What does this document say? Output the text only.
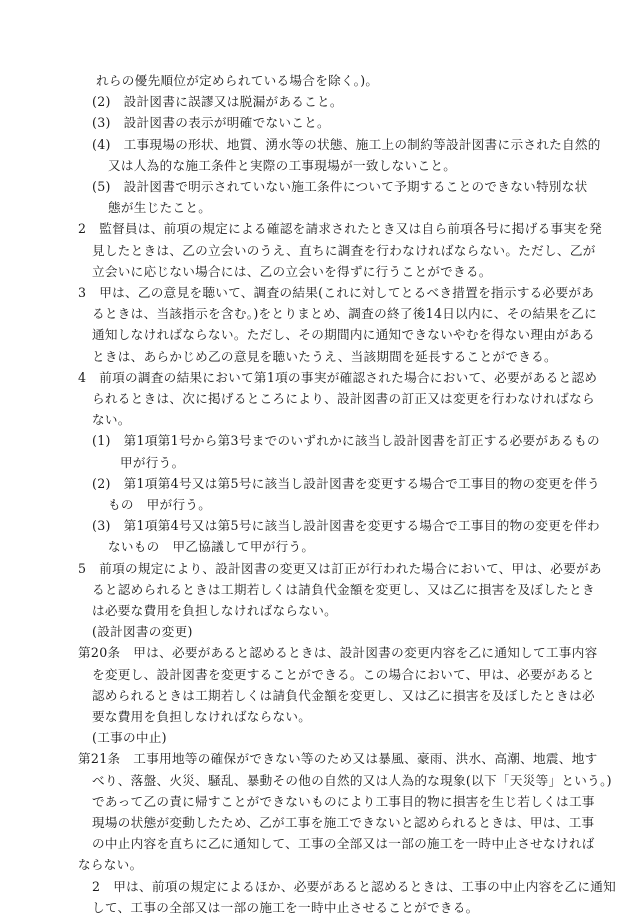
れらの優先順位が定められている場合を除く。)。
(2)　設計図書に誤謬又は脱漏があること。
(3)　設計図書の表示が明確でないこと。
(4)　工事現場の形状、地質、湧水等の状態、施工上の制約等設計図書に示された自然的
又は人為的な施工条件と実際の工事現場が一致しないこと。
(5)　設計図書で明示されていない施工条件について予期することのできない特別な状
態が生じたこと。
2　監督員は、前項の規定による確認を請求されたとき又は自ら前項各号に掲げる事実を発
見したときは、乙の立会いのうえ、直ちに調査を行わなければならない。ただし、乙が
立会いに応じない場合には、乙の立会いを得ずに行うことができる。
3　甲は、乙の意見を聴いて、調査の結果(これに対してとるべき措置を指示する必要があ
るときは、当該指示を含む。)をとりまとめ、調査の終了後14日以内に、その結果を乙に
通知しなければならない。ただし、その期間内に通知できないやむを得ない理由がある
ときは、あらかじめ乙の意見を聴いたうえ、当該期間を延長することができる。
4　前項の調査の結果において第1項の事実が確認された場合において、必要があると認め
られるときは、次に掲げるところにより、設計図書の訂正又は変更を行わなければなら
ない。
(1)　第1項第1号から第3号までのいずれかに該当し設計図書を訂正する必要があるもの
甲が行う。
(2)　第1項第4号又は第5号に該当し設計図書を変更する場合で工事目的物の変更を伴う
もの　甲が行う。
(3)　第1項第4号又は第5号に該当し設計図書を変更する場合で工事目的物の変更を伴わ
ないもの　甲乙協議して甲が行う。
5　前項の規定により、設計図書の変更又は訂正が行われた場合において、甲は、必要があ
ると認められるときは工期若しくは請負代金額を変更し、又は乙に損害を及ぼしたとき
は必要な費用を負担しなければならない。
(設計図書の変更)
第20条　甲は、必要があると認めるときは、設計図書の変更内容を乙に通知して工事内容
を変更し、設計図書を変更することができる。この場合において、甲は、必要があると
認められるときは工期若しくは請負代金額を変更し、又は乙に損害を及ぼしたときは必
要な費用を負担しなければならない。
(工事の中止)
第21条　工事用地等の確保ができない等のため又は暴風、豪雨、洪水、高潮、地震、地す
べり、落盤、火災、騒乱、暴動その他の自然的又は人為的な現象(以下「天災等」という。)
であって乙の責に帰すことができないものにより工事目的物に損害を生じ若しくは工事
現場の状態が変動したため、乙が工事を施工できないと認められるときは、甲は、工事
の中止内容を直ちに乙に通知して、工事の全部又は一部の施工を一時中止させなければ
ならない。
2　甲は、前項の規定によるほか、必要があると認めるときは、工事の中止内容を乙に通知
して、工事の全部又は一部の施工を一時中止させることができる。
